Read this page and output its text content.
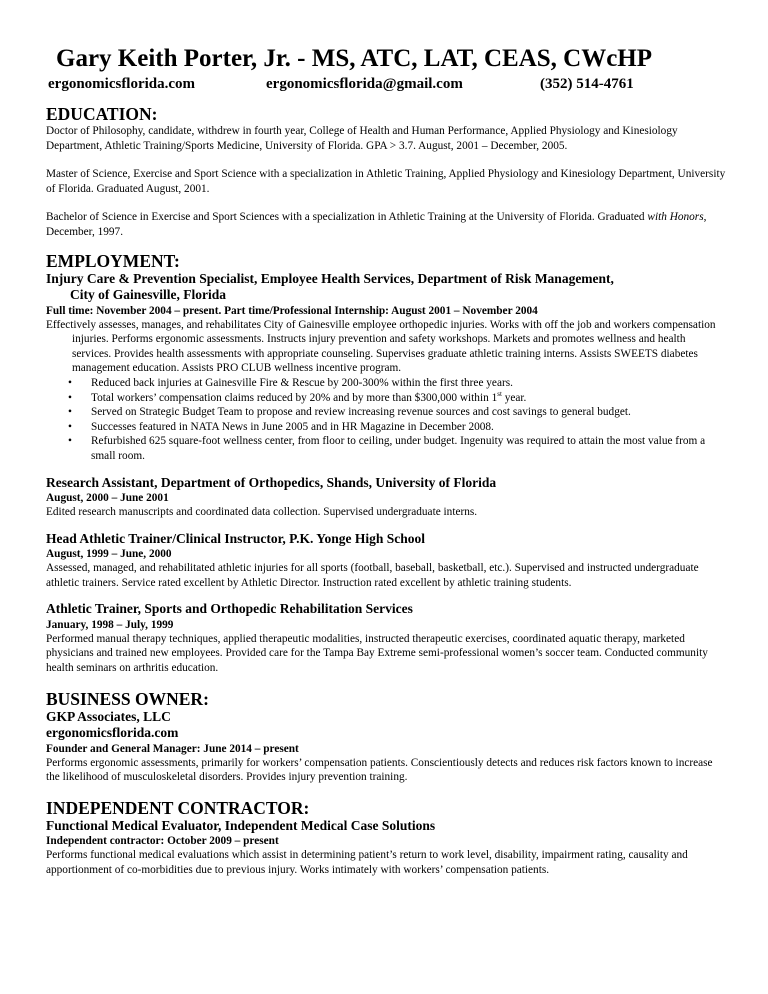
Gary Keith Porter, Jr. - MS, ATC, LAT, CEAS, CWcHP
ergonomicsflorida.com	ergonomicsflorida@gmail.com	(352) 514-4761
EDUCATION:
Doctor of Philosophy, candidate, withdrew in fourth year, College of Health and Human Performance, Applied Physiology and Kinesiology Department, Athletic Training/Sports Medicine, University of Florida. GPA > 3.7. August, 2001 – December, 2005.
Master of Science, Exercise and Sport Science with a specialization in Athletic Training, Applied Physiology and Kinesiology Department, University of Florida. Graduated August, 2001.
Bachelor of Science in Exercise and Sport Sciences with a specialization in Athletic Training at the University of Florida. Graduated with Honors, December, 1997.
EMPLOYMENT:
Injury Care & Prevention Specialist, Employee Health Services, Department of Risk Management,
City of Gainesville, Florida
Full time: November 2004 – present. Part time/Professional Internship: August 2001 – November 2004
Effectively assesses, manages, and rehabilitates City of Gainesville employee orthopedic injuries. Works with off the job and workers compensation injuries. Performs ergonomic assessments. Instructs injury prevention and safety workshops. Markets and promotes wellness and health services. Provides health assessments with appropriate counseling. Supervises graduate athletic training interns. Assists SWEETS diabetes management education. Assists PRO CLUB wellness incentive program.
• Reduced back injuries at Gainesville Fire & Rescue by 200-300% within the first three years.
• Total workers’ compensation claims reduced by 20% and by more than $300,000 within 1st year.
• Served on Strategic Budget Team to propose and review increasing revenue sources and cost savings to general budget.
• Successes featured in NATA News in June 2005 and in HR Magazine in December 2008.
• Refurbished 625 square-foot wellness center, from floor to ceiling, under budget. Ingenuity was required to attain the most value from a small room.
Research Assistant, Department of Orthopedics, Shands, University of Florida
August, 2000 – June 2001
Edited research manuscripts and coordinated data collection. Supervised undergraduate interns.
Head Athletic Trainer/Clinical Instructor, P.K. Yonge High School
August, 1999 – June, 2000
Assessed, managed, and rehabilitated athletic injuries for all sports (football, baseball, basketball, etc.). Supervised and instructed undergraduate athletic trainers. Service rated excellent by Athletic Director. Instruction rated excellent by athletic training students.
Athletic Trainer, Sports and Orthopedic Rehabilitation Services
January, 1998 – July, 1999
Performed manual therapy techniques, applied therapeutic modalities, instructed therapeutic exercises, coordinated aquatic therapy, marketed physicians and trained new employees. Provided care for the Tampa Bay Extreme semi-professional women’s soccer team. Conducted community health seminars on arthritis education.
BUSINESS OWNER:
GKP Associates, LLC
ergonomicsflorida.com
Founder and General Manager: June 2014 – present
Performs ergonomic assessments, primarily for workers’ compensation patients. Conscientiously detects and reduces risk factors known to increase the likelihood of musculoskeletal disorders. Provides injury prevention training.
INDEPENDENT CONTRACTOR:
Functional Medical Evaluator, Independent Medical Case Solutions
Independent contractor: October 2009 – present
Performs functional medical evaluations which assist in determining patient’s return to work level, disability, impairment rating, causality and apportionment of co-morbidities due to previous injury. Works intimately with workers’ compensation patients.
